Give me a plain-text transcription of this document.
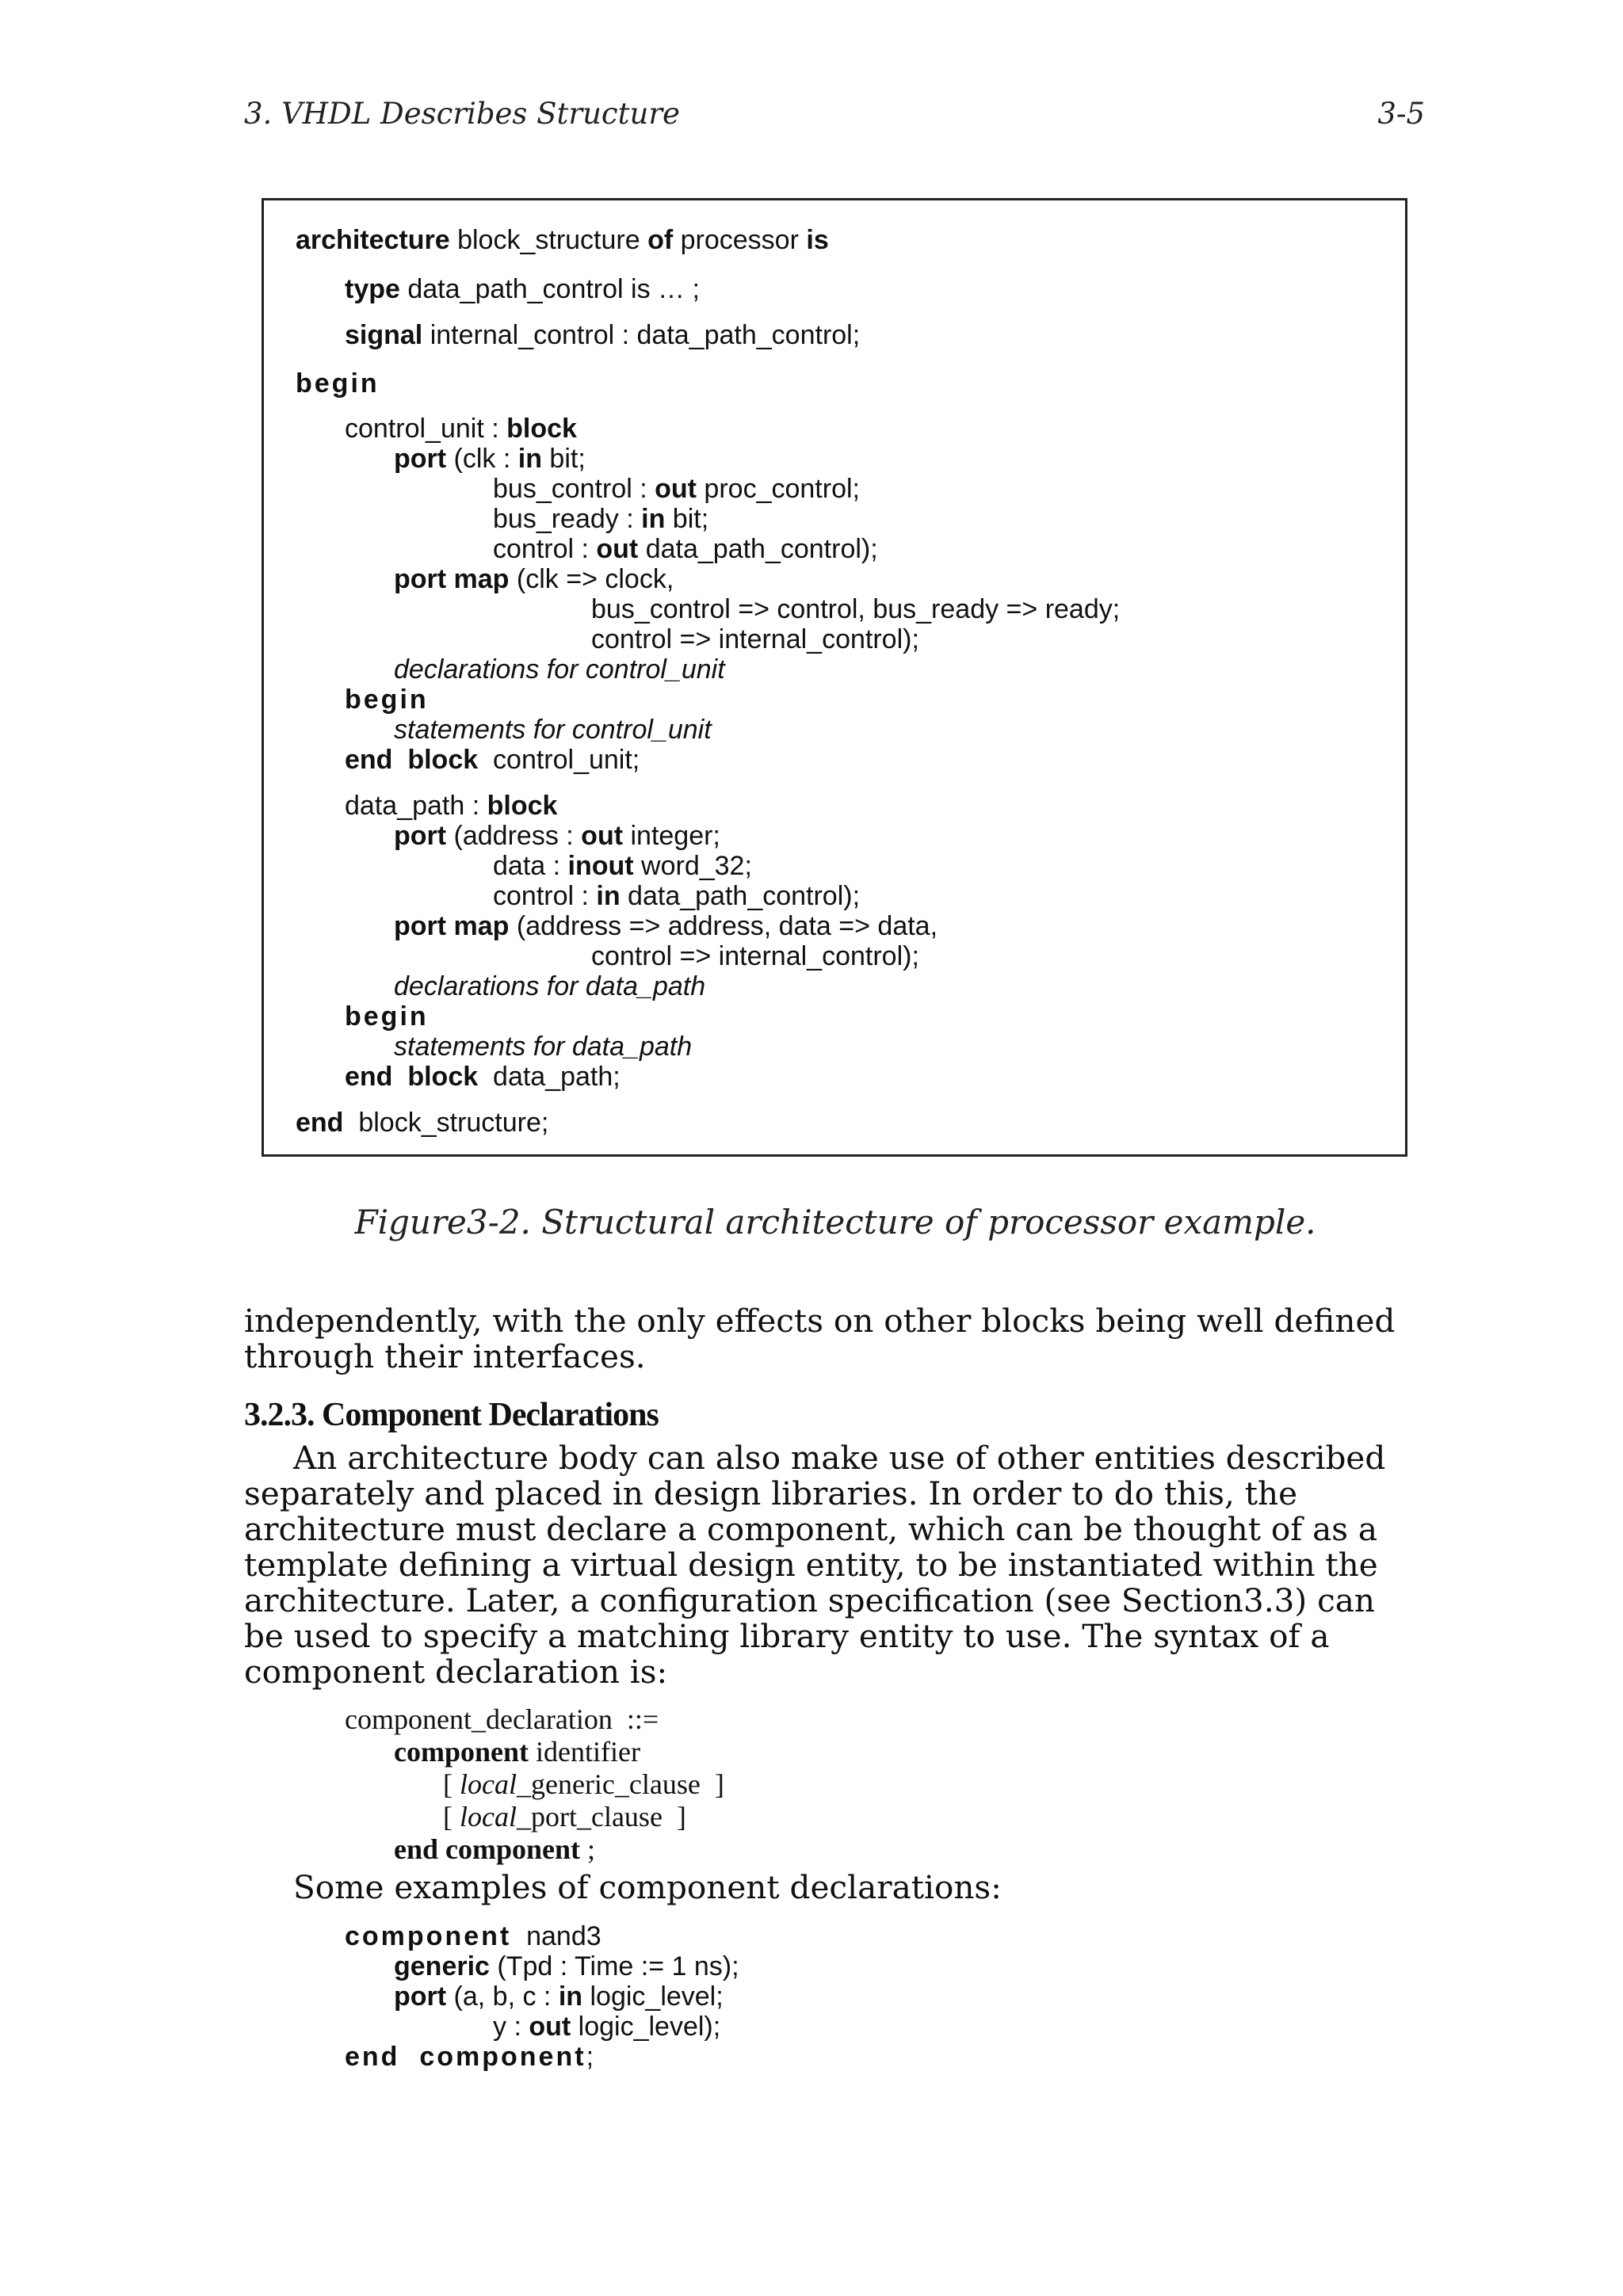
3. VHDL Describes Structure	3-5
architecture block_structure of processor is
type data_path_control is … ;
signal internal_control : data_path_control;
begin
control_unit : block
port (clk : in bit;
bus_control : out proc_control;
bus_ready : in bit;
control : out data_path_control);
port map (clk => clock,
bus_control => control, bus_ready => ready;
control => internal_control);
declarations for control_unit
begin
statements for control_unit
end  block  control_unit;
data_path : block
port (address : out integer;
data : inout word_32;
control : in data_path_control);
port map (address => address, data => data,
control => internal_control);
declarations for data_path
begin
statements for data_path
end  block  data_path;
end  block_structure;
Figure3-2. Structural architecture of processor example.
independently, with the only effects on other blocks being well defined through their interfaces.
3.2.3. Component Declarations
An architecture body can also make use of other entities described separately and placed in design libraries. In order to do this, the architecture must declare a component, which can be thought of as a template defining a virtual design entity, to be instantiated within the architecture. Later, a configuration specification (see Section3.3) can be used to specify a matching library entity to use. The syntax of a component declaration is:
component_declaration  ::=
component identifier
[ local_generic_clause  ]
[ local_port_clause  ]
end component ;
Some examples of component declarations:
component  nand3
generic (Tpd : Time := 1 ns);
port (a, b, c : in logic_level;
y : out logic_level);
end  component;
